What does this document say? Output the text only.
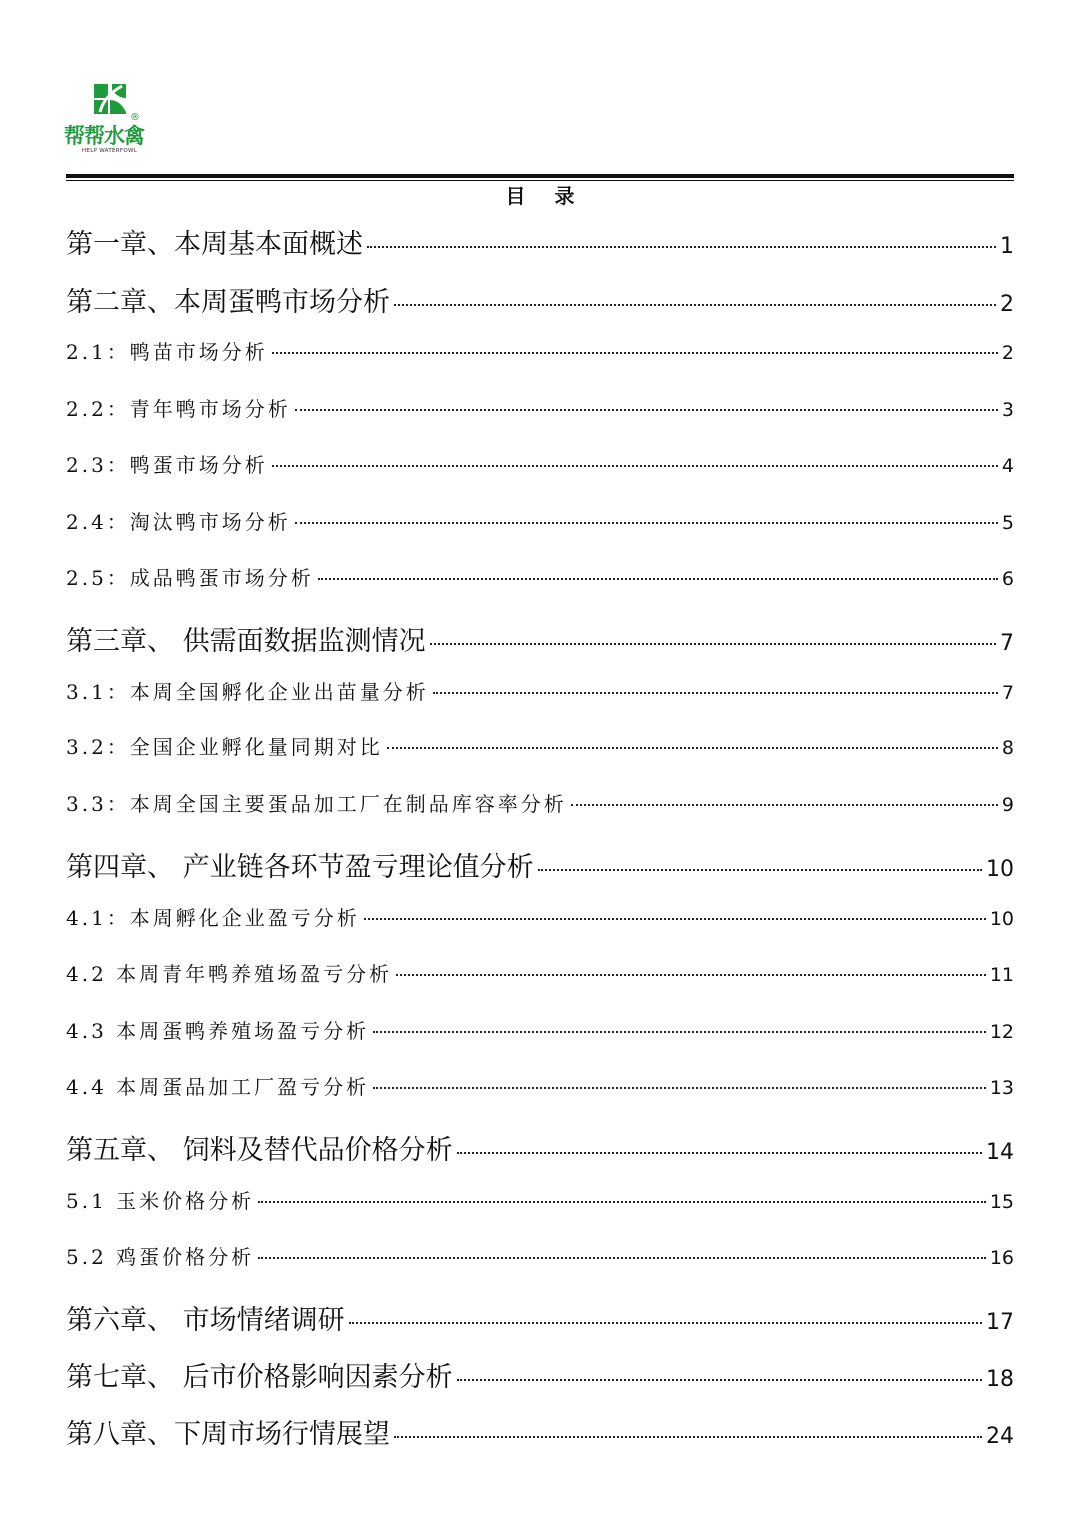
®
帮帮水禽
HELP WATERFOWL
目 录
第一章、本周基本面概述	1
第二章、本周蛋鸭市场分析	2
2.1：鸭苗市场分析	2
2.2：青年鸭市场分析	3
2.3：鸭蛋市场分析	4
2.4：淘汰鸭市场分析	5
2.5：成品鸭蛋市场分析	6
第三章、 供需面数据监测情况	7
3.1：本周全国孵化企业出苗量分析	7
3.2：全国企业孵化量同期对比	8
3.3：本周全国主要蛋品加工厂在制品库容率分析	9
第四章、 产业链各环节盈亏理论值分析	10
4.1：本周孵化企业盈亏分析	10
4.2 本周青年鸭养殖场盈亏分析	11
4.3 本周蛋鸭养殖场盈亏分析	12
4.4 本周蛋品加工厂盈亏分析	13
第五章、 饲料及替代品价格分析	14
5.1 玉米价格分析	15
5.2 鸡蛋价格分析	16
第六章、 市场情绪调研	17
第七章、 后市价格影响因素分析	18
第八章、下周市场行情展望	24
